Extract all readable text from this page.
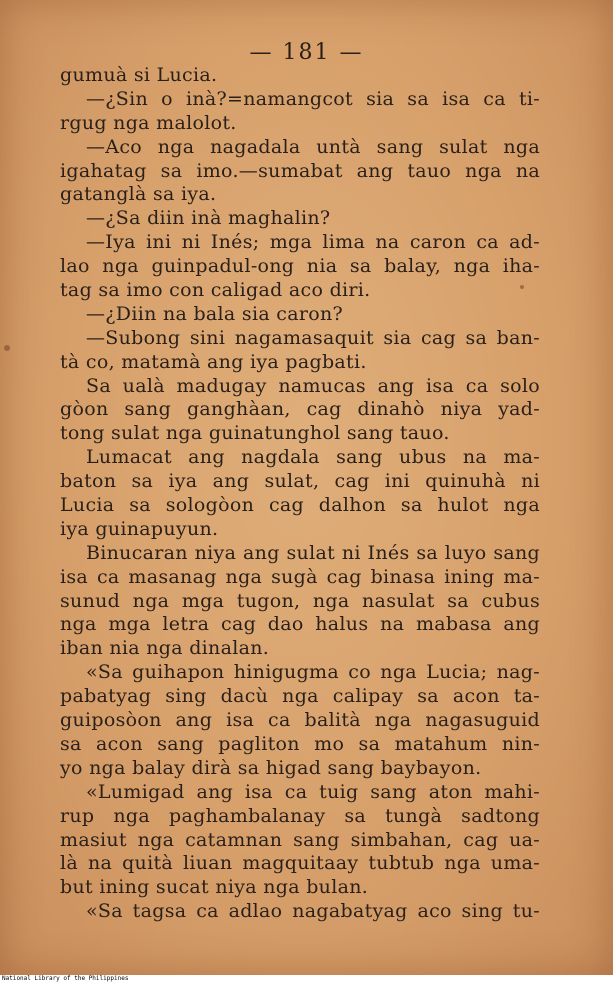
— 181 —
gumuà si Lucia.
—¿Sin o inà?=namangcot sia sa isa ca ti-
rgug nga malolot.
—Aco nga nagadala untà sang sulat nga
igahatag sa imo.—sumabat ang tauo nga na
gatanglà sa iya.
—¿Sa diin inà maghalin?
—Iya ini ni Inés; mga lima na caron ca ad-
lao nga guinpadul-ong nia sa balay, nga iha-
tag sa imo con caligad aco diri.
—¿Diin na bala sia caron?
—Subong sini nagamasaquit sia cag sa ban-
tà co, matamà ang iya pagbati.
Sa ualà madugay namucas ang isa ca solo
gòon sang ganghàan, cag dinahò niya yad-
tong sulat nga guinatunghol sang tauo.
Lumacat ang nagdala sang ubus na ma-
baton sa iya ang sulat, cag ini quinuhà ni
Lucia sa sologòon cag dalhon sa hulot nga
iya guinapuyun.
Binucaran niya ang sulat ni Inés sa luyo sang
isa ca masanag nga sugà cag binasa ining ma-
sunud nga mga tugon, nga nasulat sa cubus
nga mga letra cag dao halus na mabasa ang
iban nia nga dinalan.
«Sa guihapon hinigugma co nga Lucia; nag-
pabatyag sing dacù nga calipay sa acon ta-
guiposòon ang isa ca balità nga nagasuguid
sa acon sang pagliton mo sa matahum nin-
yo nga balay dirà sa higad sang baybayon.
«Lumigad ang isa ca tuig sang aton mahi-
rup nga paghambalanay sa tungà sadtong
masiut nga catamnan sang simbahan, cag ua-
là na quità liuan magquitaay tubtub nga uma-
but ining sucat niya nga bulan.
«Sa tagsa ca adlao nagabatyag aco sing tu-
National Library of the Philippines
